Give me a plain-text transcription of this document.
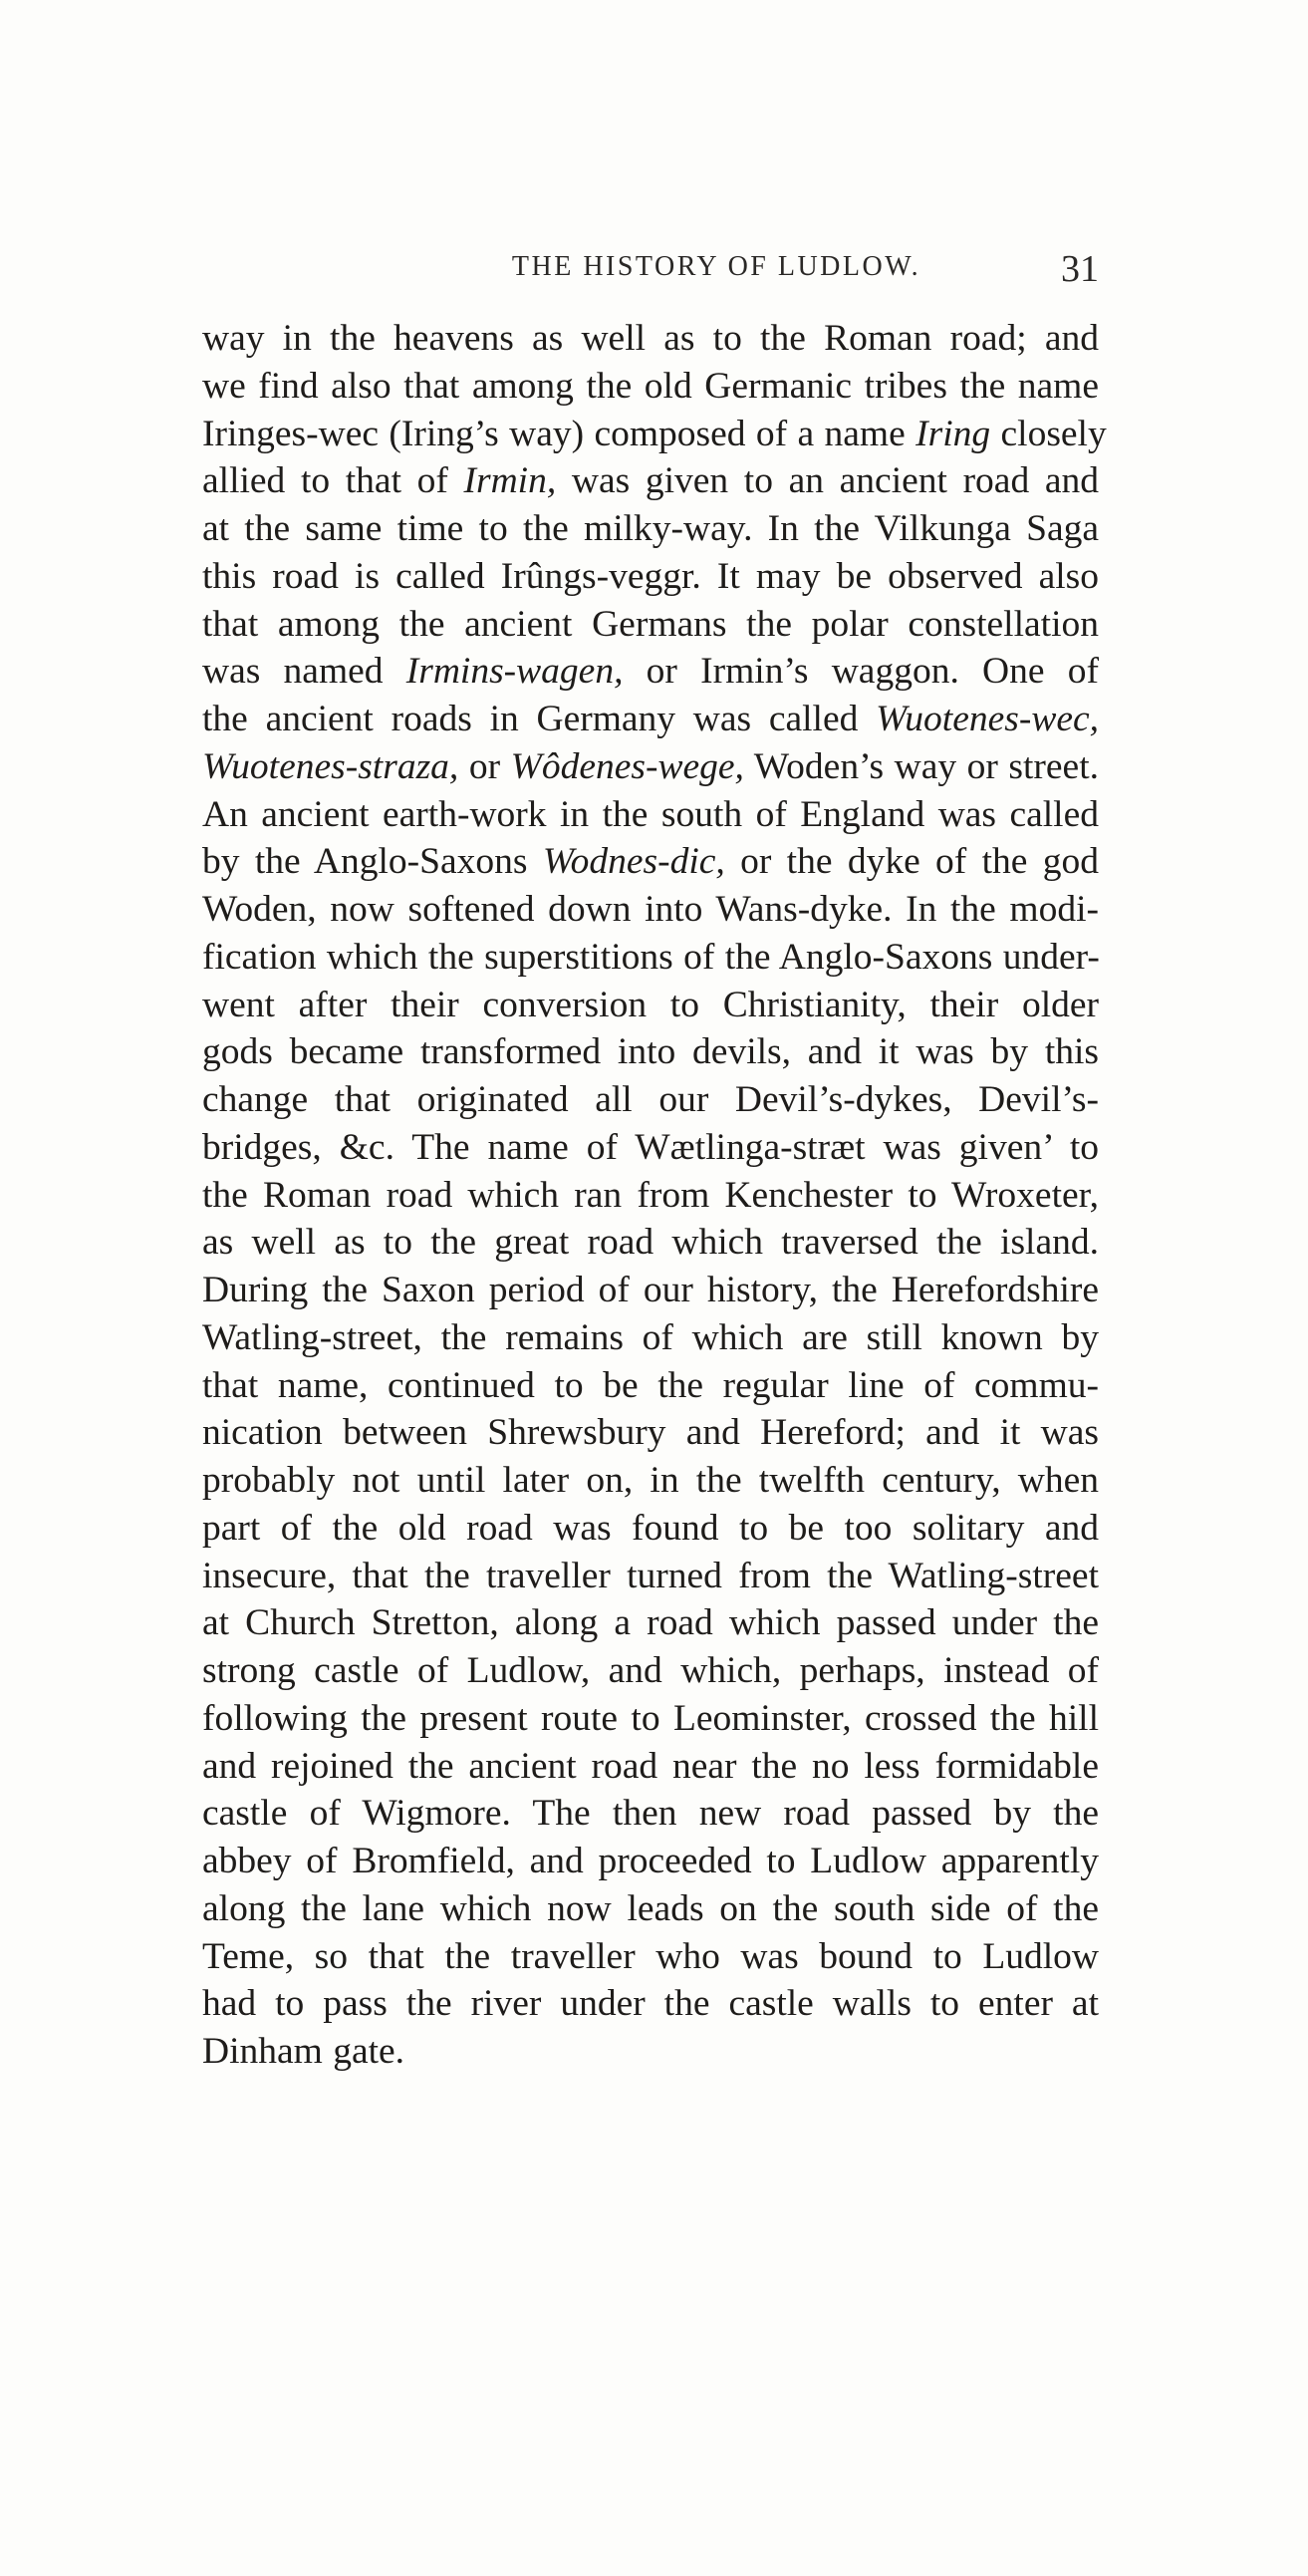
THE HISTORY OF LUDLOW.	31
way in the heavens as well as to the Roman road; and
we find also that among the old Germanic tribes the name
Iringes-wec (Iring’s way) composed of a name Iring closely
allied to that of Irmin, was given to an ancient road and
at the same time to the milky-way. In the Vilkunga Saga
this road is called Irûngs-veggr. It may be observed also
that among the ancient Germans the polar constellation
was named Irmins-wagen, or Irmin’s waggon. One of
the ancient roads in Germany was called Wuotenes-wec,
Wuotenes-straza, or Wôdenes-wege, Woden’s way or street.
An ancient earth-work in the south of England was called
by the Anglo-Saxons Wodnes-dic, or the dyke of the god
Woden, now softened down into Wans-dyke. In the modi-
fication which the superstitions of the Anglo-Saxons under-
went after their conversion to Christianity, their older
gods became transformed into devils, and it was by this
change that originated all our Devil’s-dykes, Devil’s-
bridges, &c. The name of Wætlinga-stræt was given’ to
the Roman road which ran from Kenchester to Wroxeter,
as well as to the great road which traversed the island.
During the Saxon period of our history, the Herefordshire
Watling-street, the remains of which are still known by
that name, continued to be the regular line of commu-
nication between Shrewsbury and Hereford; and it was
probably not until later on, in the twelfth century, when
part of the old road was found to be too solitary and
insecure, that the traveller turned from the Watling-street
at Church Stretton, along a road which passed under the
strong castle of Ludlow, and which, perhaps, instead of
following the present route to Leominster, crossed the hill
and rejoined the ancient road near the no less formidable
castle of Wigmore. The then new road passed by the
abbey of Bromfield, and proceeded to Ludlow apparently
along the lane which now leads on the south side of the
Teme, so that the traveller who was bound to Ludlow
had to pass the river under the castle walls to enter at
Dinham gate.
